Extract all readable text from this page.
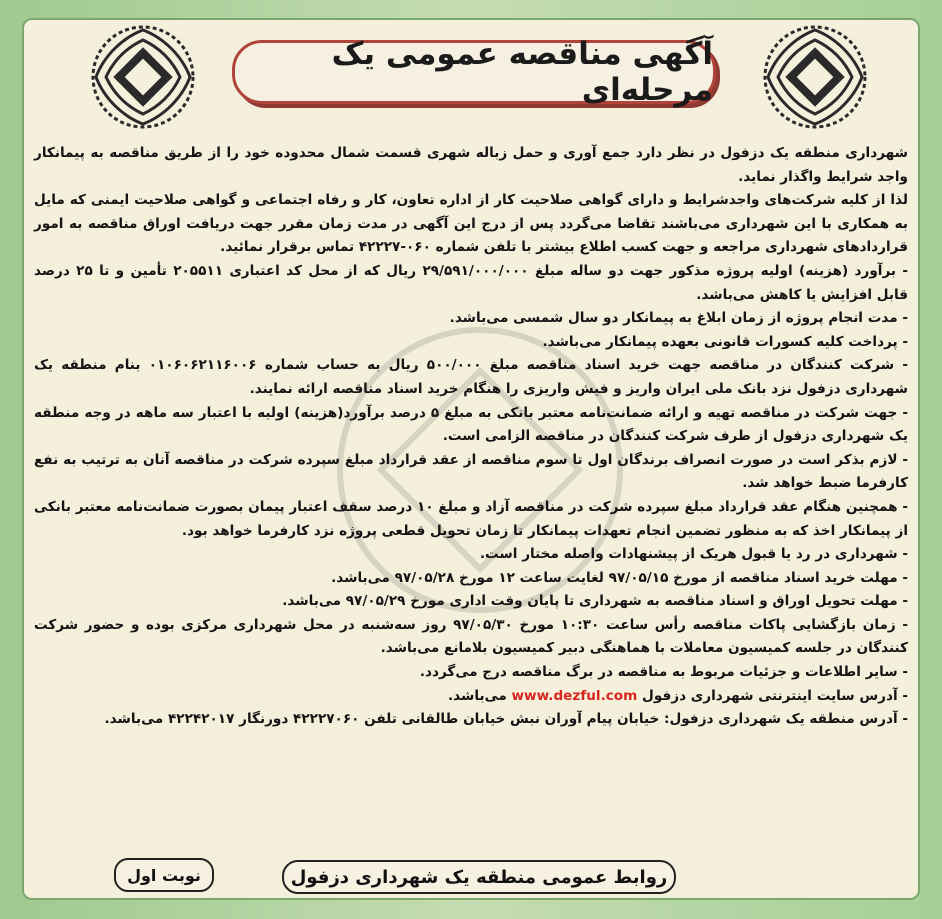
آگهی مناقصه عمومی یک مرحله‌ای

شهرداری منطقه یک دزفول در نظر دارد جمع آوری و حمل زباله شهری قسمت شمال محدوده خود را از طریق مناقصه به پیمانکار واجد شرایط واگذار نماید.

لذا از کلیه شرکت‌های واجدشرایط و دارای گواهی صلاحیت کار از اداره تعاون، کار و رفاه اجتماعی و گواهی صلاحیت ایمنی که مایل به همکاری با این شهرداری می‌باشند تقاضا می‌گردد پس از درج این آگهی در مدت زمان مقرر جهت دریافت اوراق مناقصه به امور قراردادهای شهرداری مراجعه و جهت کسب اطلاع بیشتر با تلفن شماره ۰۶۰-۴۲۲۲۷ تماس برقرار نمائید.

- برآورد (هزینه) اولیه پروژه مذکور جهت دو ساله مبلغ ۲۹/۵۹۱/۰۰۰/۰۰۰ ریال که از محل کد اعتباری ۲۰۵۵۱۱ تأمین و تا ۲۵ درصد قابل افزایش یا کاهش می‌باشد.

- مدت انجام پروژه از زمان ابلاغ به پیمانکار دو سال شمسی می‌باشد.

- پرداخت کلیه کسورات قانونی بعهده پیمانکار می‌باشد.

- شرکت کنندگان در مناقصه جهت خرید اسناد مناقصه مبلغ ۵۰۰/۰۰۰ ریال به حساب شماره ۰۱۰۶۰۶۲۱۱۶۰۰۶ بنام منطقه یک شهرداری دزفول نزد بانک ملی ایران واریز و فیش واریزی را هنگام خرید اسناد مناقصه ارائه نمایند.

- جهت شرکت در مناقصه تهیه و ارائه ضمانت‌نامه معتبر بانکی به مبلغ ۵ درصد برآورد(هزینه) اولیه با اعتبار سه ماهه در وجه منطقه یک شهرداری دزفول از طرف شرکت کنندگان در مناقصه الزامی است.

- لازم بذکر است در صورت انصراف برندگان اول تا سوم مناقصه از عقد قرارداد مبلغ سپرده شرکت در مناقصه آنان به ترتیب به نفع کارفرما ضبط خواهد شد.

- همچنین هنگام عقد قرارداد مبلغ سپرده شرکت در مناقصه آزاد و مبلغ ۱۰ درصد سقف اعتبار پیمان بصورت ضمانت‌نامه معتبر بانکی از پیمانکار اخذ که به منظور تضمین انجام تعهدات پیمانکار تا زمان تحویل قطعی پروژه نزد کارفرما خواهد بود.

- شهرداری در رد یا قبول هریک از پیشنهادات واصله مختار است.

- مهلت خرید اسناد مناقصه از مورخ ۹۷/۰۵/۱۵ لغایت ساعت ۱۲ مورخ ۹۷/۰۵/۲۸ می‌باشد.

- مهلت تحویل اوراق و اسناد مناقصه به شهرداری تا پایان وقت اداری مورخ ۹۷/۰۵/۲۹ می‌باشد.

- زمان بازگشایی پاکات مناقصه رأس ساعت ۱۰:۳۰ مورخ ۹۷/۰۵/۳۰ روز سه‌شنبه در محل شهرداری مرکزی بوده و حضور شرکت کنندگان در جلسه کمیسیون معاملات با هماهنگی دبیر کمیسیون بلامانع می‌باشد.

- سایر اطلاعات و جزئیات مربوط به مناقصه در برگ مناقصه درج می‌گردد.

- آدرس سایت اینترنتی شهرداری دزفول www.dezful.com می‌باشد.

- آدرس منطقه یک شهرداری دزفول: خیابان پیام آوران نبش خیابان طالقانی تلفن ۴۲۲۲۷۰۶۰ دورنگار ۴۲۲۴۲۰۱۷ می‌باشد.

روابط عمومی منطقه یک شهرداری دزفول
نوبت اول
